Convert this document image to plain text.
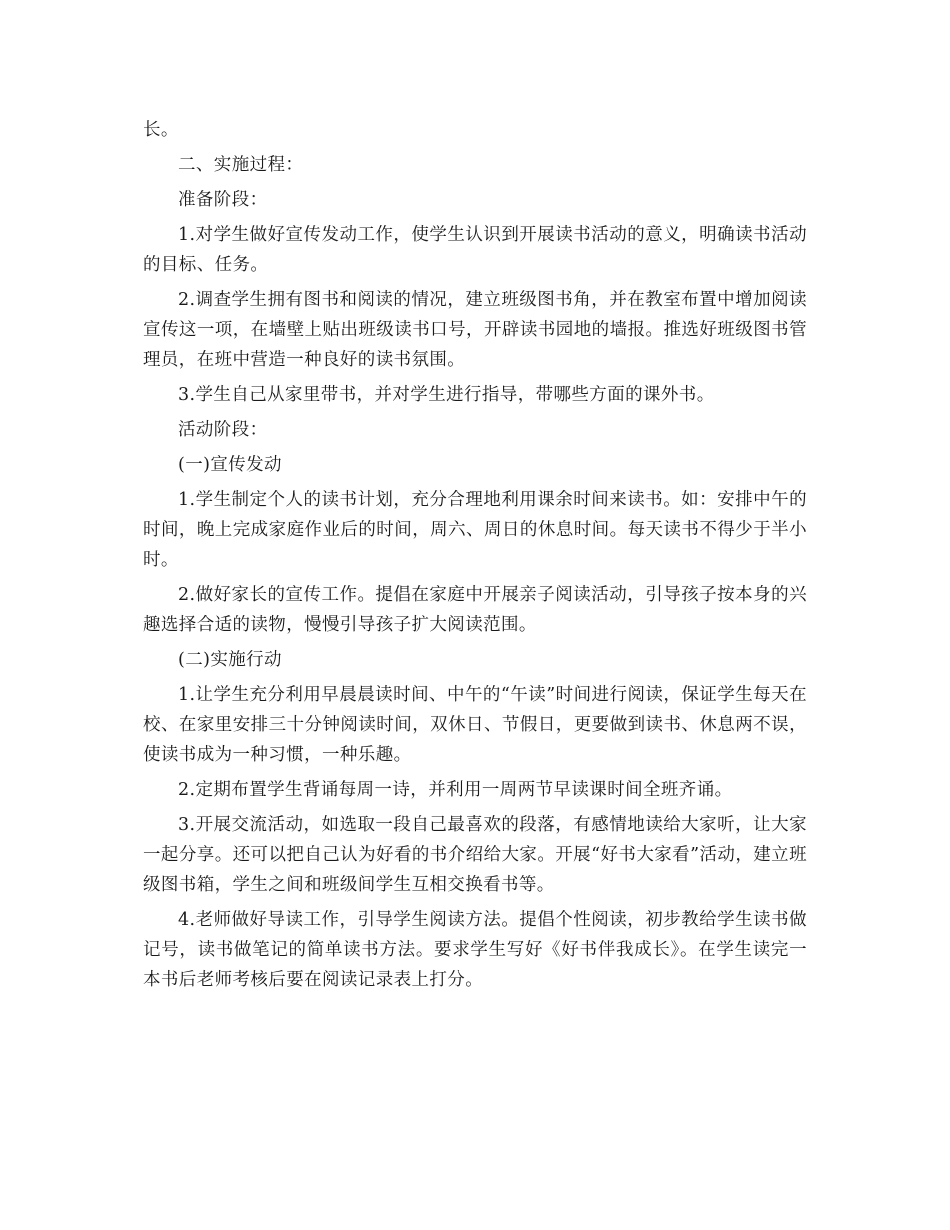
长。

二、实施过程：

准备阶段：

1.对学生做好宣传发动工作，使学生认识到开展读书活动的意义，明确读书活动的目标、任务。

2.调查学生拥有图书和阅读的情况，建立班级图书角，并在教室布置中增加阅读宣传这一项，在墙壁上贴出班级读书口号，开辟读书园地的墙报。推选好班级图书管理员，在班中营造一种良好的读书氛围。

3.学生自己从家里带书，并对学生进行指导，带哪些方面的课外书。

活动阶段：

(一)宣传发动

1.学生制定个人的读书计划，充分合理地利用课余时间来读书。如：安排中午的时间，晚上完成家庭作业后的时间，周六、周日的休息时间。每天读书不得少于半小时。

2.做好家长的宣传工作。提倡在家庭中开展亲子阅读活动，引导孩子按本身的兴趣选择合适的读物，慢慢引导孩子扩大阅读范围。

(二)实施行动

1.让学生充分利用早晨晨读时间、中午的“午读”时间进行阅读，保证学生每天在校、在家里安排三十分钟阅读时间，双休日、节假日，更要做到读书、休息两不误，使读书成为一种习惯，一种乐趣。

2.定期布置学生背诵每周一诗，并利用一周两节早读课时间全班齐诵。

3.开展交流活动，如选取一段自己最喜欢的段落，有感情地读给大家听，让大家一起分享。还可以把自己认为好看的书介绍给大家。开展“好书大家看”活动，建立班级图书箱，学生之间和班级间学生互相交换看书等。

4.老师做好导读工作，引导学生阅读方法。提倡个性阅读，初步教给学生读书做记号，读书做笔记的简单读书方法。要求学生写好《好书伴我成长》。在学生读完一本书后老师考核后要在阅读记录表上打分。
